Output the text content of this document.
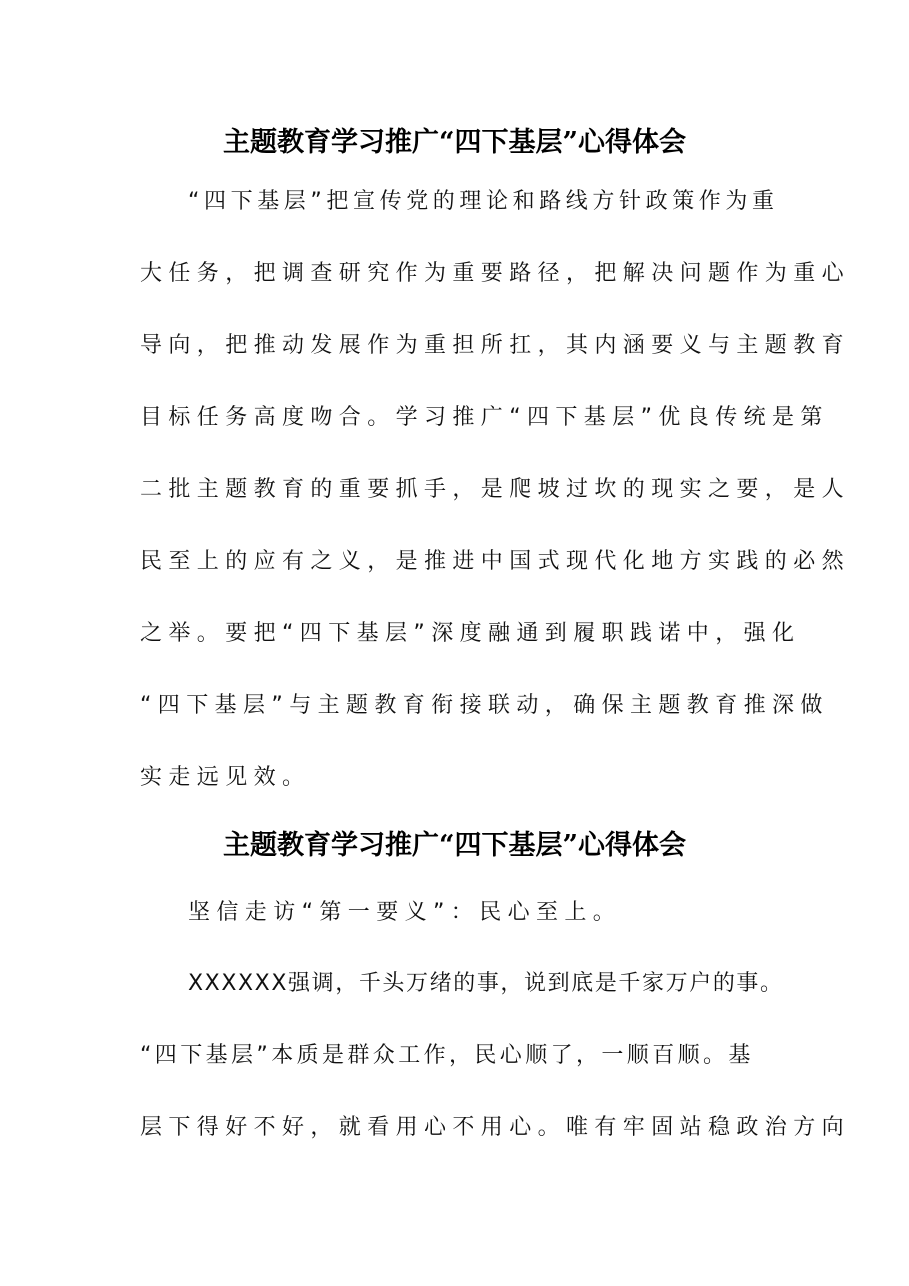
主题教育学习推广“四下基层”心得体会
“四下基层”把宣传党的理论和路线方针政策作为重
大任务，把调查研究作为重要路径，把解决问题作为重心
导向，把推动发展作为重担所扛，其内涵要义与主题教育
目标任务高度吻合。学习推广“四下基层”优良传统是第
二批主题教育的重要抓手，是爬坡过坎的现实之要，是人
民至上的应有之义，是推进中国式现代化地方实践的必然
之举。要把“四下基层”深度融通到履职践诺中，强化
“四下基层”与主题教育衔接联动，确保主题教育推深做
实走远见效。
主题教育学习推广“四下基层”心得体会
坚信走访“第一要义”：民心至上。
XXXXXX强调，千头万绪的事，说到底是千家万户的事。
“四下基层”本质是群众工作，民心顺了，一顺百顺。基
层下得好不好，就看用心不用心。唯有牢固站稳政治方向
